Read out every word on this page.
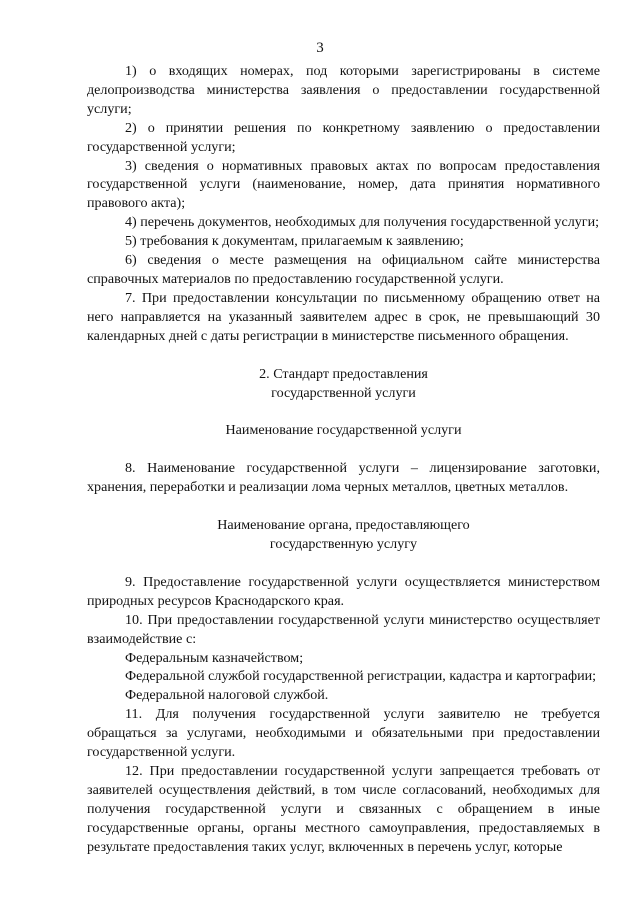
3

1) о входящих номерах, под которыми зарегистрированы в системе делопроизводства министерства заявления о предоставлении государственной услуги;

2) о принятии решения по конкретному заявлению о предоставлении государственной услуги;

3) сведения о нормативных правовых актах по вопросам предоставления государственной услуги (наименование, номер, дата принятия нормативного правового акта);

4) перечень документов, необходимых для получения государственной услуги;

5) требования к документам, прилагаемым к заявлению;

6) сведения о месте размещения на официальном сайте министерства справочных материалов по предоставлению государственной услуги.

7. При предоставлении консультации по письменному обращению ответ на него направляется на указанный заявителем адрес в срок, не превышающий 30 календарных дней с даты регистрации в министерстве письменного обращения.

2. Стандарт предоставления

государственной услуги

Наименование государственной услуги

8. Наименование государственной услуги – лицензирование заготовки, хранения, переработки и реализации лома черных металлов, цветных металлов.

Наименование органа, предоставляющего

государственную услугу

9. Предоставление государственной услуги осуществляется министерством природных ресурсов Краснодарского края.

10. При предоставлении государственной услуги министерство осуществляет взаимодействие с:

Федеральным казначейством;

Федеральной службой государственной регистрации, кадастра и картографии;

Федеральной налоговой службой.

11. Для получения государственной услуги заявителю не требуется обращаться за услугами, необходимыми и обязательными при предоставлении государственной услуги.

12. При предоставлении государственной услуги запрещается требовать от заявителей осуществления действий, в том числе согласований, необходимых для получения государственной услуги и связанных с обращением в иные государственные органы, органы местного самоуправления, предоставляемых в результате предоставления таких услуг, включенных в перечень услуг, которые
